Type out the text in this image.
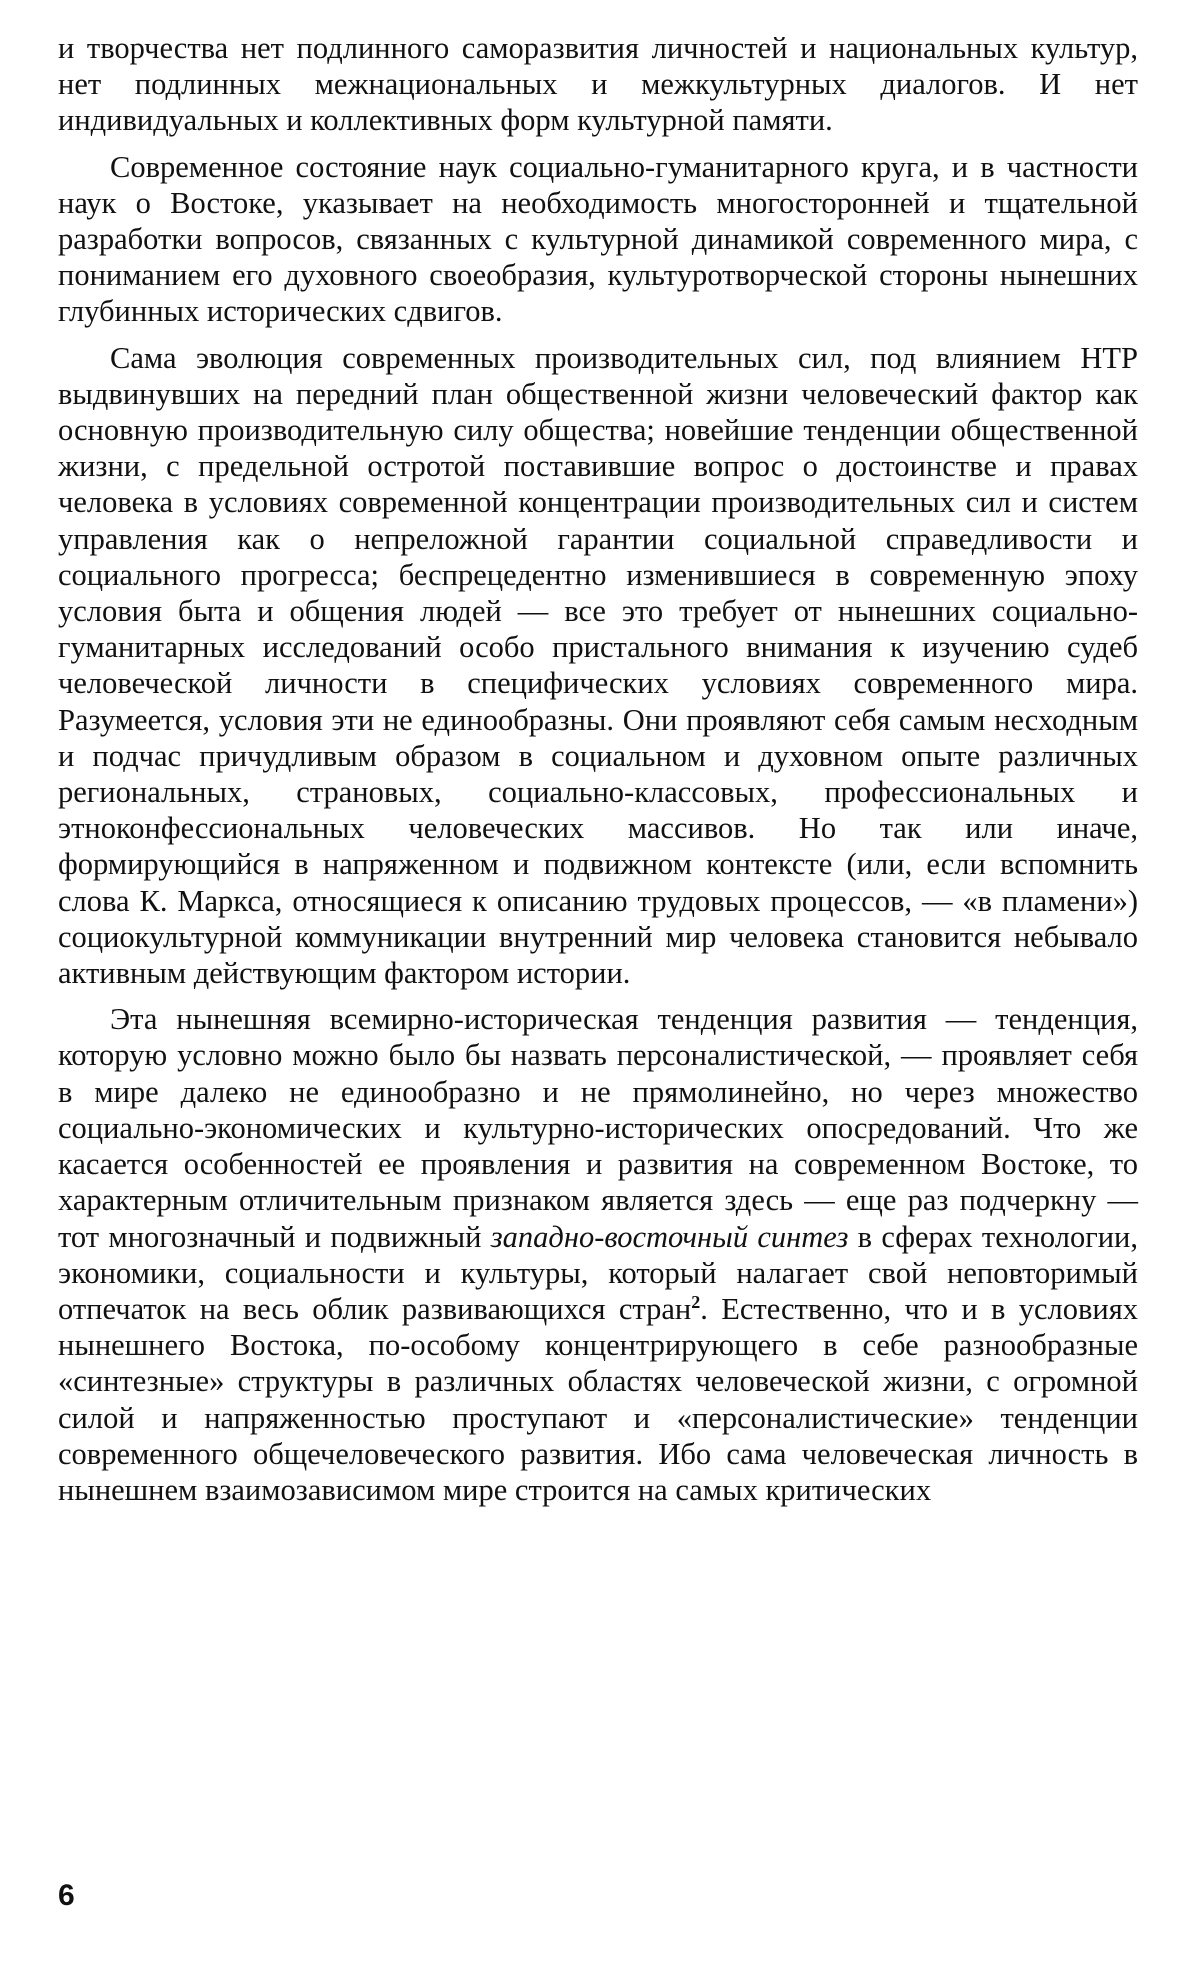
и творчества нет подлинного саморазвития личностей и национальных культур, нет подлинных межнациональных и межкультурных диалогов. И нет индивидуальных и коллективных форм культурной памяти.

Современное состояние наук социально-гуманитарного круга, и в частности наук о Востоке, указывает на необходимость многосторонней и тщательной разработки вопросов, связанных с культурной динамикой современного мира, с пониманием его духовного своеобразия, культуротворческой стороны нынешних глубинных исторических сдвигов.

Сама эволюция современных производительных сил, под влиянием НТР выдвинувших на передний план общественной жизни человеческий фактор как основную производительную силу общества; новейшие тенденции общественной жизни, с предельной остротой поставившие вопрос о достоинстве и правах человека в условиях современной концентрации производительных сил и систем управления как о непреложной гарантии социальной справедливости и социального прогресса; беспрецедентно изменившиеся в современную эпоху условия быта и общения людей — все это требует от нынешних социально-гуманитарных исследований особо пристального внимания к изучению судеб человеческой личности в специфических условиях современного мира. Разумеется, условия эти не единообразны. Они проявляют себя самым несходным и подчас причудливым образом в социальном и духовном опыте различных региональных, страновых, социально-классовых, профессиональных и этноконфессиональных человеческих массивов. Но так или иначе, формирующийся в напряженном и подвижном контексте (или, если вспомнить слова К. Маркса, относящиеся к описанию трудовых процессов, — «в пламени») социокультурной коммуникации внутренний мир человека становится небывало активным действующим фактором истории.

Эта нынешняя всемирно-историческая тенденция развития — тенденция, которую условно можно было бы назвать персоналистической, — проявляет себя в мире далеко не единообразно и не прямолинейно, но через множество социально-экономических и культурно-исторических опосредований. Что же касается особенностей ее проявления и развития на современном Востоке, то характерным отличительным признаком является здесь — еще раз подчеркну — тот многозначный и подвижный западно-восточный синтез в сферах технологии, экономики, социальности и культуры, который налагает свой неповторимый отпечаток на весь облик развивающихся стран$^2$. Естественно, что и в условиях нынешнего Востока, по-особому концентрирующего в себе разнообразные «синтезные» структуры в различных областях человеческой жизни, с огромной силой и напряженностью проступают и «персоналистические» тенденции современного общечеловеческого развития. Ибо сама человеческая личность в нынешнем взаимозависимом мире строится на самых критических

6
